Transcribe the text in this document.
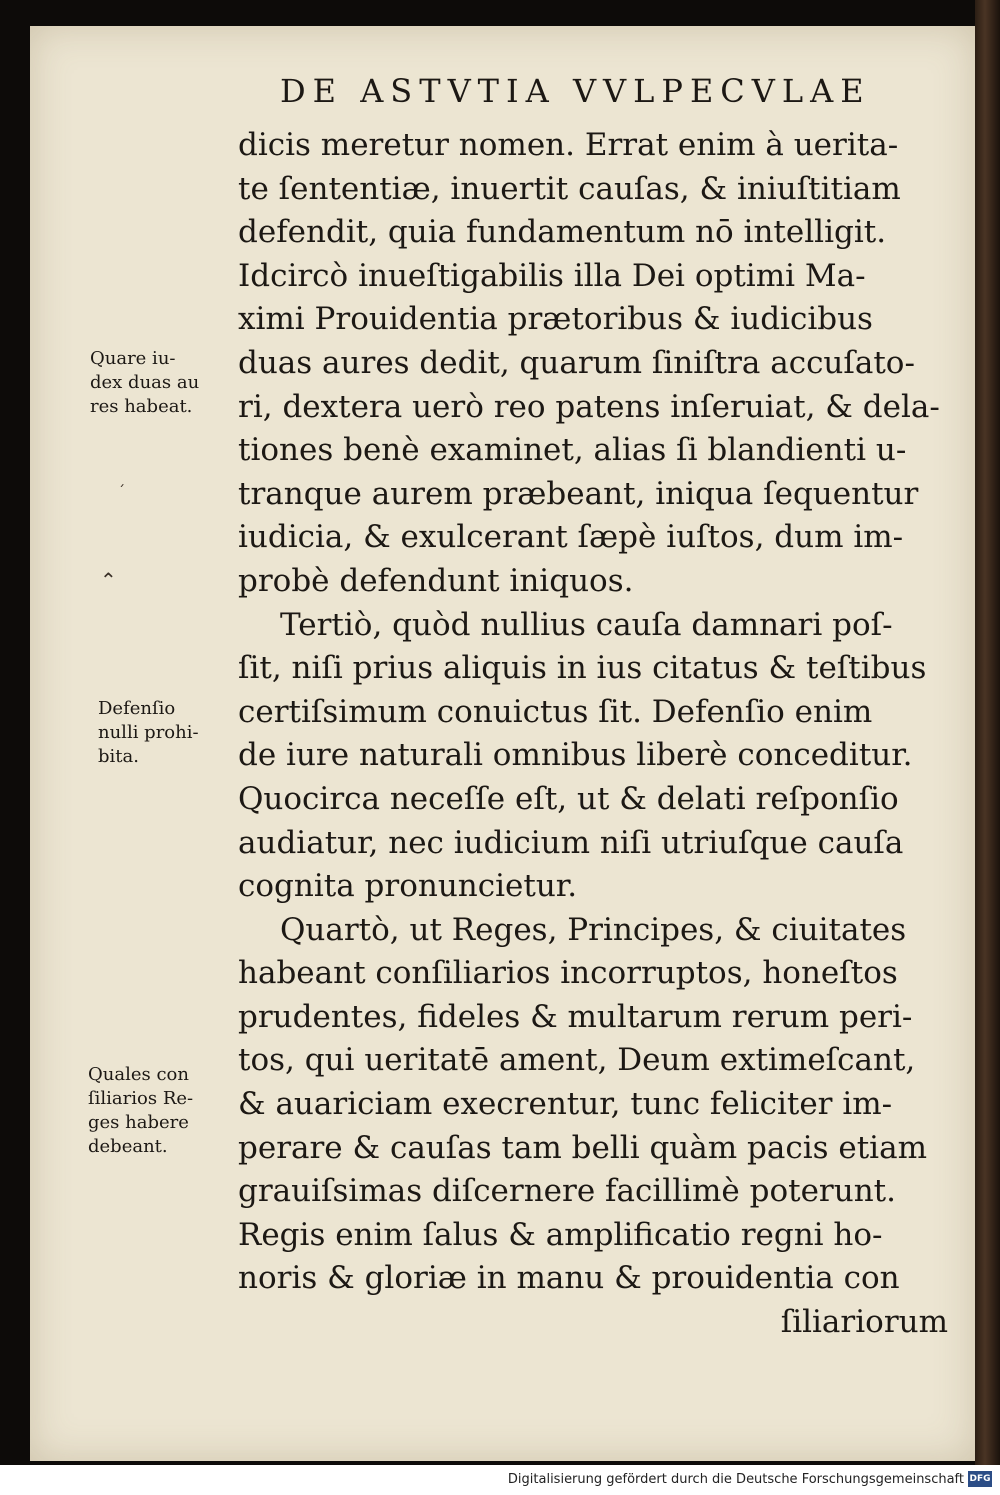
DE ASTVTIA VVLPECVLAE
dicis meretur nomen. Errat enim à uerita-
te ſententiæ, inuertit cauſas, & iniuſtitiam
defendit, quia fundamentum nō intelligit.
Idcircò inueſtigabilis illa Dei optimi Ma-
ximi Prouidentia prætoribus & iudicibus
duas aures dedit, quarum ſiniſtra accuſato-
ri, dextera uerò reo patens inſeruiat, & dela-
tiones benè examinet, alias ſi blandienti u-
tranque aurem præbeant, iniqua ſequentur
iudicia, & exulcerant ſæpè iuſtos, dum im-
probè defendunt iniquos.
Tertiò, quòd nullius cauſa damnari poſ-
ſit, niſi prius aliquis in ius citatus & teſtibus
certiſsimum conuictus ſit. Defenſio enim
de iure naturali omnibus liberè conceditur.
Quocirca neceſſe eſt, ut & delati reſponſio
audiatur, nec iudicium niſi utriuſque cauſa
cognita pronuncietur.
Quartò, ut Reges, Principes, & ciuitates
habeant conſiliarios incorruptos, honeſtos
prudentes, fideles & multarum rerum peri-
tos, qui ueritatē ament, Deum extimeſcant,
& auariciam execrentur, tunc feliciter im-
perare & cauſas tam belli quàm pacis etiam
grauiſsimas diſcernere facillimè poterunt.
Regis enim ſalus & amplificatio regni ho-
noris & gloriæ in manu & prouidentia con
ſiliariorum
Quare iu-
dex duas au
res habeat.
ˊ
⌃
Defenſio
nulli prohi-
bita.
Quales con
ſiliarios Re-
ges habere
debeant.
Digitalisierung gefördert durch die Deutsche Forschungsgemeinschaft DFG
